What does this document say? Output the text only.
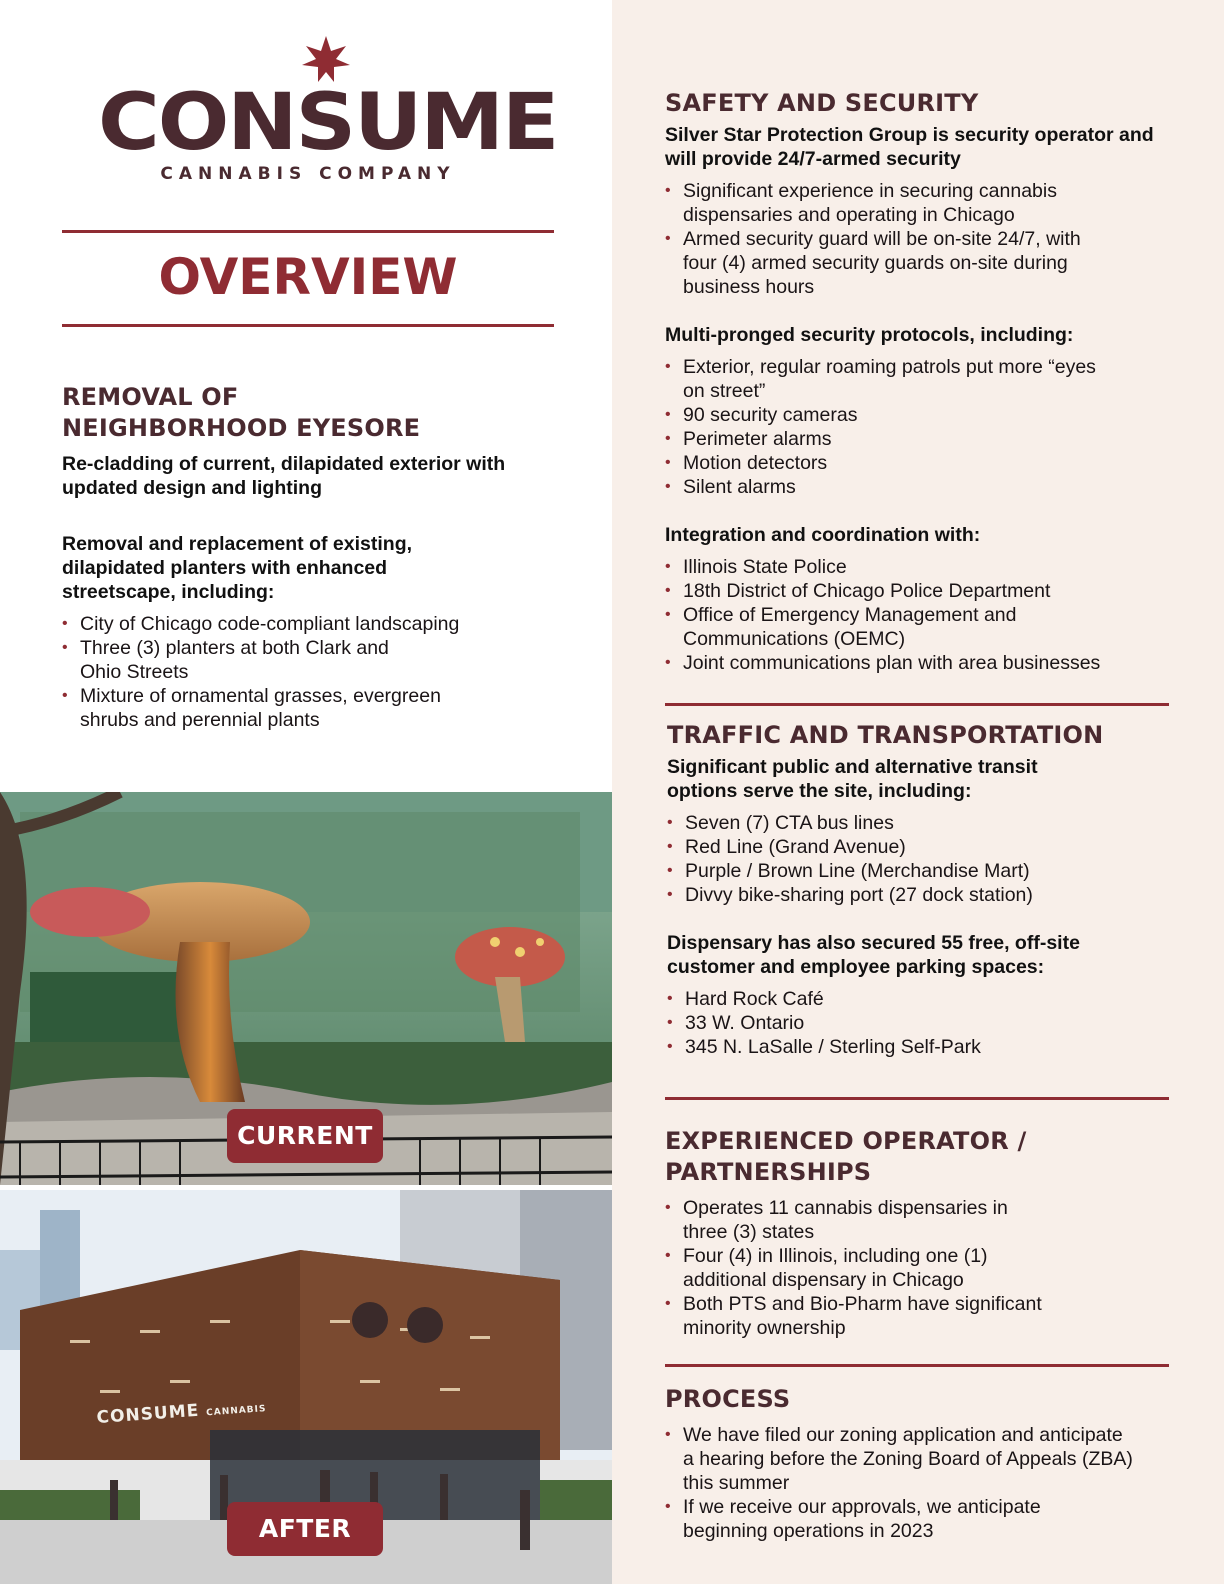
CONSUME
CANNABIS COMPANY
OVERVIEW
REMOVAL OF
NEIGHBORHOOD EYESORE
Re-cladding of current, dilapidated exterior with updated design and lighting
Removal and replacement of existing, dilapidated planters with enhanced streetscape, including:
• City of Chicago code-compliant landscaping
• Three (3) planters at both Clark and Ohio Streets
• Mixture of ornamental grasses, evergreen shrubs and perennial plants
CURRENT
CONSUME CANNABIS
AFTER
SAFETY AND SECURITY
Silver Star Protection Group is security operator and will provide 24/7-armed security
• Significant experience in securing cannabis dispensaries and operating in Chicago
• Armed security guard will be on-site 24/7, with four (4) armed security guards on-site during business hours
Multi-pronged security protocols, including:
• Exterior, regular roaming patrols put more “eyes on street”
• 90 security cameras
• Perimeter alarms
• Motion detectors
• Silent alarms
Integration and coordination with:
• Illinois State Police
• 18th District of Chicago Police Department
• Office of Emergency Management and Communications (OEMC)
• Joint communications plan with area businesses
TRAFFIC AND TRANSPORTATION
Significant public and alternative transit options serve the site, including:
• Seven (7) CTA bus lines
• Red Line (Grand Avenue)
• Purple / Brown Line (Merchandise Mart)
• Divvy bike-sharing port (27 dock station)
Dispensary has also secured 55 free, off-site customer and employee parking spaces:
• Hard Rock Café
• 33 W. Ontario
• 345 N. LaSalle / Sterling Self-Park
EXPERIENCED OPERATOR /
PARTNERSHIPS
• Operates 11 cannabis dispensaries in three (3) states
• Four (4) in Illinois, including one (1) additional dispensary in Chicago
• Both PTS and Bio-Pharm have significant minority ownership
PROCESS
• We have filed our zoning application and anticipate a hearing before the Zoning Board of Appeals (ZBA) this summer
• If we receive our approvals, we anticipate beginning operations in 2023
